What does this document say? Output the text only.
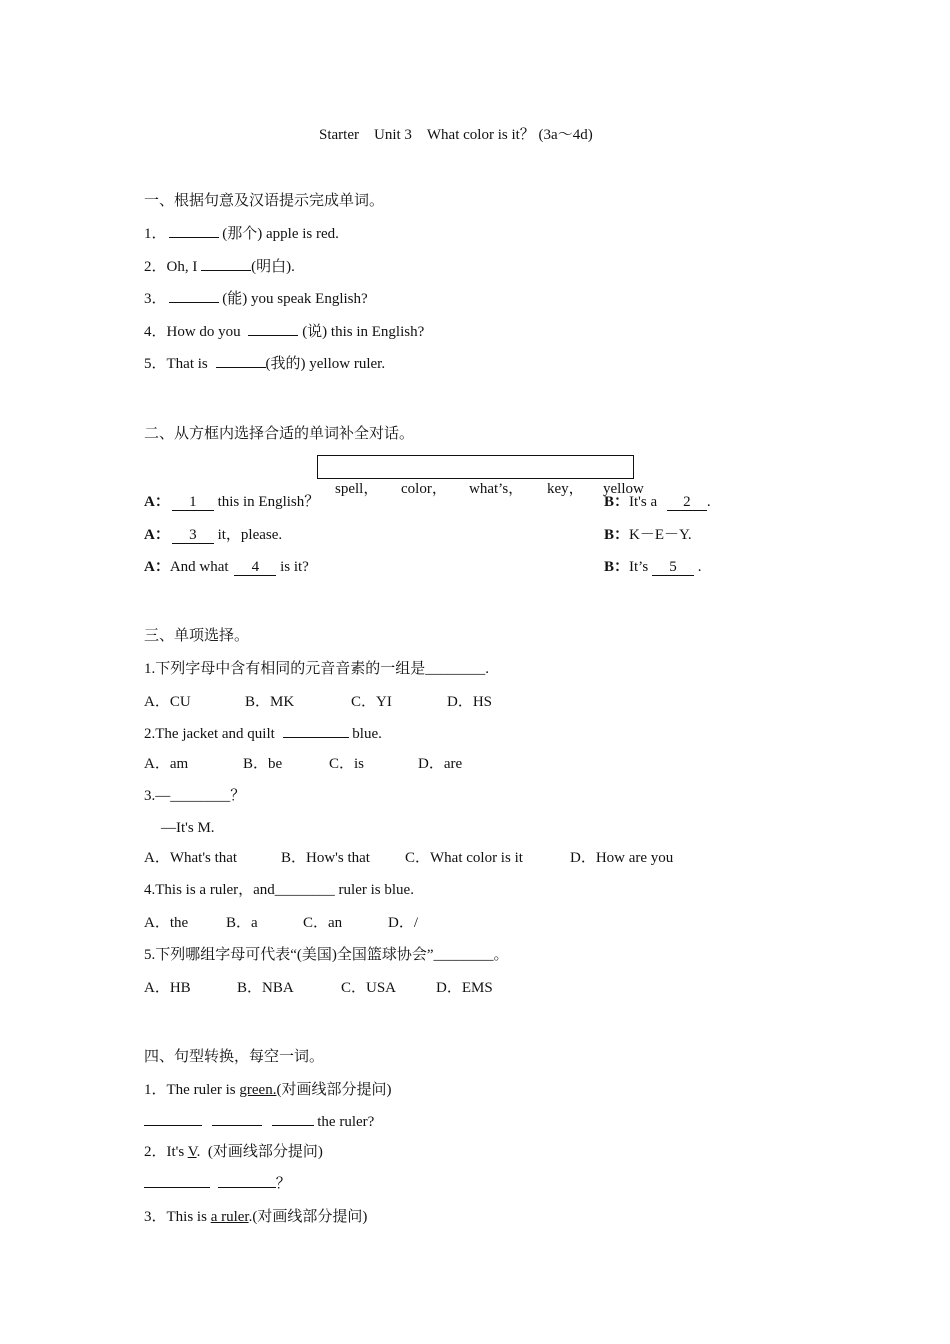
Starter　Unit 3　What color is it？ (3a～4d)
一、根据句意及汉语提示完成单词。
1．	(那个) apple is red.
2．Oh, I	(明白).
3．	(能) you speak English?
4．How do you	(说) this in English?
5．That is	(我的) yellow ruler.
二、从方框内选择合适的单词补全对话。

spell， color， what’s， key， yellow

A： 1 this in English？	B：It's a 2 .
A： 3 it，please.	B：K－E－Y.
A：And what 4 is it?	B：It’s 5 .
三、单项选择。
1.下列字母中含有相同的元音音素的一组是________.
A．CU	B．MK	C．YI	D．HS
2.The jacket and quilt	blue.
A．am	B．be	C．is	D．are
3.—________？
—It's M.
A．What's that	B．How's that C．What color is it	D．How are you
4.This is a ruler，and________ ruler is blue.
A．the	B．a	C．an	D．/
5.下列哪组字母可代表“(美国)全国篮球协会”________。
A．HB	B．NBA	C．USA	D．EMS
四、句型转换，每空一词。
1．The ruler is green.(对画线部分提问)
the ruler?
2．It's V.  (对画线部分提问)
？
3．This is a ruler.(对画线部分提问)
